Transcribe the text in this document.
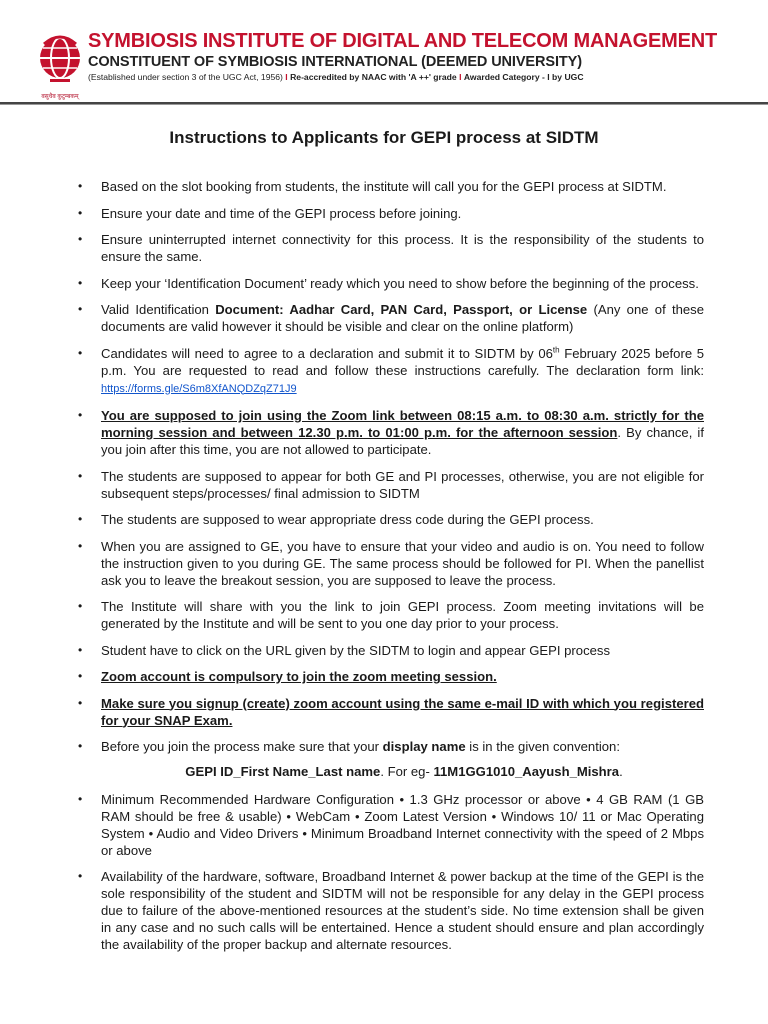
वसुधैव कुटुम्बकम्
SYMBIOSIS INSTITUTE OF DIGITAL AND TELECOM MANAGEMENT
CONSTITUENT OF SYMBIOSIS INTERNATIONAL (DEEMED UNIVERSITY)
(Established under section 3 of the UGC Act, 1956) I Re-accredited by NAAC with 'A ++' grade I Awarded Category - I by UGC
Instructions to Applicants for GEPI process at SIDTM
• Based on the slot booking from students, the institute will call you for the GEPI process at SIDTM.
• Ensure your date and time of the GEPI process before joining.
• Ensure uninterrupted internet connectivity for this process. It is the responsibility of the students to ensure the same.
• Keep your ‘Identification Document’ ready which you need to show before the beginning of the process.
• Valid Identification Document: Aadhar Card, PAN Card, Passport, or License (Any one of these documents are valid however it should be visible and clear on the online platform)
• Candidates will need to agree to a declaration and submit it to SIDTM by 06th February 2025 before 5 p.m. You are requested to read and follow these instructions carefully. The declaration form link: https://forms.gle/S6m8XfANQDZqZ71J9
• You are supposed to join using the Zoom link between 08:15 a.m. to 08:30 a.m. strictly for the morning session and between 12.30 p.m. to 01:00 p.m. for the afternoon session. By chance, if you join after this time, you are not allowed to participate.
• The students are supposed to appear for both GE and PI processes, otherwise, you are not eligible for subsequent steps/processes/ final admission to SIDTM
• The students are supposed to wear appropriate dress code during the GEPI process.
• When you are assigned to GE, you have to ensure that your video and audio is on. You need to follow the instruction given to you during GE. The same process should be followed for PI. When the panellist ask you to leave the breakout session, you are supposed to leave the process.
• The Institute will share with you the link to join GEPI process. Zoom meeting invitations will be generated by the Institute and will be sent to you one day prior to your process.
• Student have to click on the URL given by the SIDTM to login and appear GEPI process
• Zoom account is compulsory to join the zoom meeting session.
• Make sure you signup (create) zoom account using the same e-mail ID with which you registered for your SNAP Exam.
• Before you join the process make sure that your display name is in the given convention:
GEPI ID_First Name_Last name. For eg- 11M1GG1010_Aayush_Mishra.
• Minimum Recommended Hardware Configuration • 1.3 GHz processor or above • 4 GB RAM (1 GB RAM should be free & usable) • WebCam • Zoom Latest Version • Windows 10/ 11 or Mac Operating System • Audio and Video Drivers • Minimum Broadband Internet connectivity with the speed of 2 Mbps or above
• Availability of the hardware, software, Broadband Internet & power backup at the time of the GEPI is the sole responsibility of the student and SIDTM will not be responsible for any delay in the GEPI process due to failure of the above-mentioned resources at the student’s side. No time extension shall be given in any case and no such calls will be entertained. Hence a student should ensure and plan accordingly the availability of the proper backup and alternate resources.
